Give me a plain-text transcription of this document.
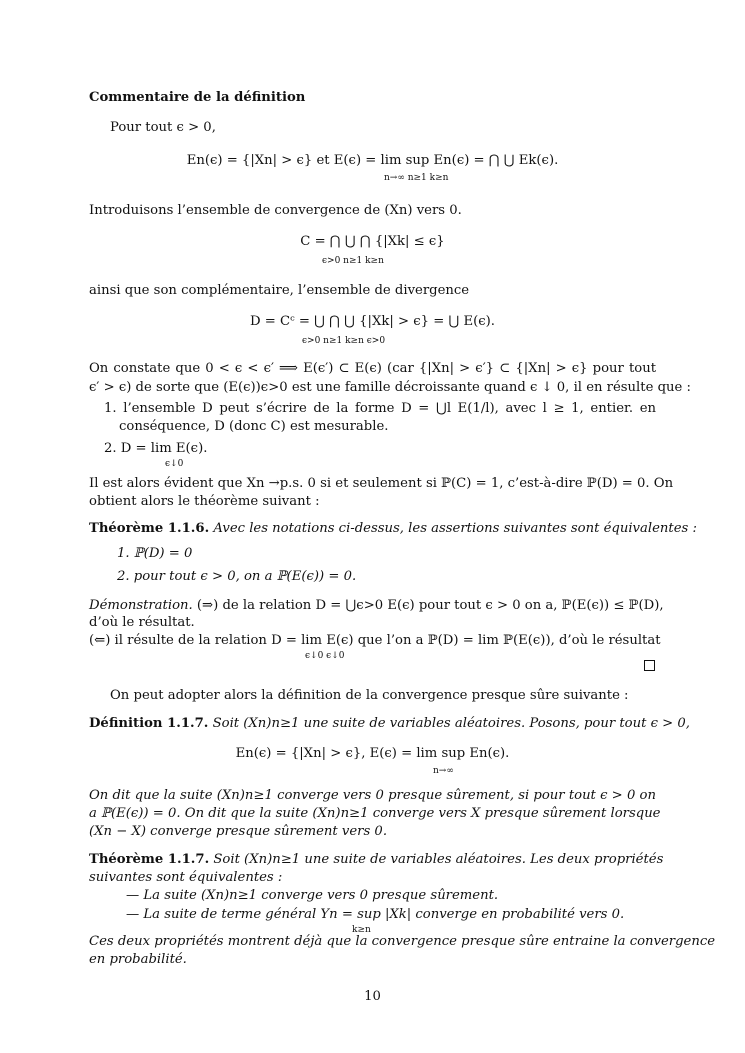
Commentaire de la définition
Pour tout ϵ > 0,
En(ϵ) = {|Xn| > ϵ} et E(ϵ) = lim sup En(ϵ) = ⋂ ⋃ Ek(ϵ).
n→∞ n≥1 k≥n
Introduisons l’ensemble de convergence de (Xn) vers 0.
C = ⋂ ⋃ ⋂ {|Xk| ≤ ϵ}
ϵ>0 n≥1 k≥n
ainsi que son complémentaire, l’ensemble de divergence
D = Cᶜ = ⋃ ⋂ ⋃ {|Xk| > ϵ} = ⋃ E(ϵ).
ϵ>0 n≥1 k≥n ϵ>0
On constate que 0 < ϵ < ϵ′ ⟹ E(ϵ′) ⊂ E(ϵ) (car {|Xn| > ϵ′} ⊂ {|Xn| > ϵ} pour tout
ϵ′ > ϵ) de sorte que (E(ϵ))ϵ>0 est une famille décroissante quand ϵ ↓ 0, il en résulte que :
1. l’ensemble D peut s’écrire de la forme D = ⋃l E(1/l), avec l ≥ 1, entier. en
conséquence, D (donc C) est mesurable.
2. D = lim E(ϵ).
ϵ↓0
Il est alors évident que Xn →p.s. 0 si et seulement si ℙ(C) = 1, c’est-à-dire ℙ(D) = 0. On
obtient alors le théorème suivant :
Théorème 1.1.6. Avec les notations ci-dessus, les assertions suivantes sont équivalentes :
1. ℙ(D) = 0
2. pour tout ϵ > 0, on a ℙ(E(ϵ)) = 0.
Démonstration. (⇒) de la relation D = ⋃ϵ>0 E(ϵ) pour tout ϵ > 0 on a, ℙ(E(ϵ)) ≤ ℙ(D),
d’où le résultat.
(⇐) il résulte de la relation D = lim E(ϵ) que l’on a ℙ(D) = lim ℙ(E(ϵ)), d’où le résultat
ϵ↓0 ϵ↓0
On peut adopter alors la définition de la convergence presque sûre suivante :
Définition 1.1.7. Soit (Xn)n≥1 une suite de variables aléatoires. Posons, pour tout ϵ > 0,
En(ϵ) = {|Xn| > ϵ}, E(ϵ) = lim sup En(ϵ).
n→∞
On dit que la suite (Xn)n≥1 converge vers 0 presque sûrement, si pour tout ϵ > 0 on
a ℙ(E(ϵ)) = 0. On dit que la suite (Xn)n≥1 converge vers X presque sûrement lorsque
(Xn − X) converge presque sûrement vers 0.
Théorème 1.1.7. Soit (Xn)n≥1 une suite de variables aléatoires. Les deux propriétés
suivantes sont équivalentes :
— La suite (Xn)n≥1 converge vers 0 presque sûrement.
— La suite de terme général Yn = sup |Xk| converge en probabilité vers 0.
k≥n
Ces deux propriétés montrent déjà que la convergence presque sûre entraine la convergence
en probabilité.
10
